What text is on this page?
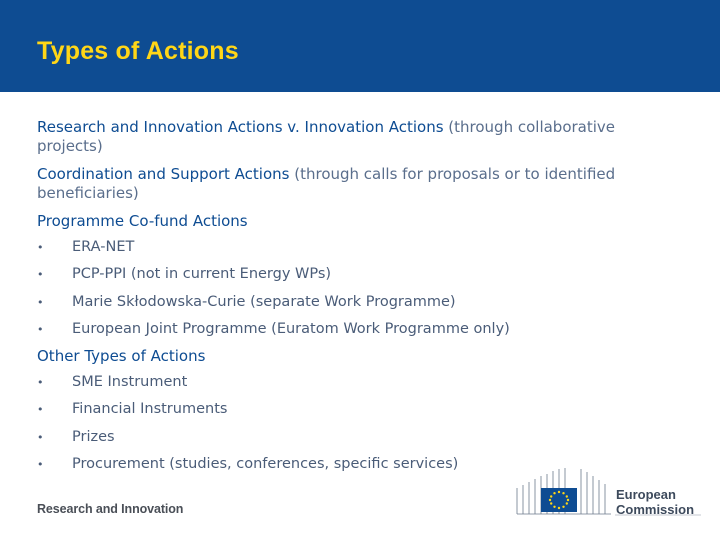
Types of Actions

Research and Innovation Actions v. Innovation Actions (through collaborative projects)

Coordination and Support Actions (through calls for proposals or to identified beneficiaries)

Programme Co-fund Actions
• ERA-NET
• PCP-PPI (not in current Energy WPs)
• Marie Skłodowska-Curie (separate Work Programme)
• European Joint Programme (Euratom Work Programme only)
Other Types of Actions
• SME Instrument
• Financial Instruments
• Prizes
• Procurement (studies, conferences, specific services)
Research and Innovation
European
Commission
